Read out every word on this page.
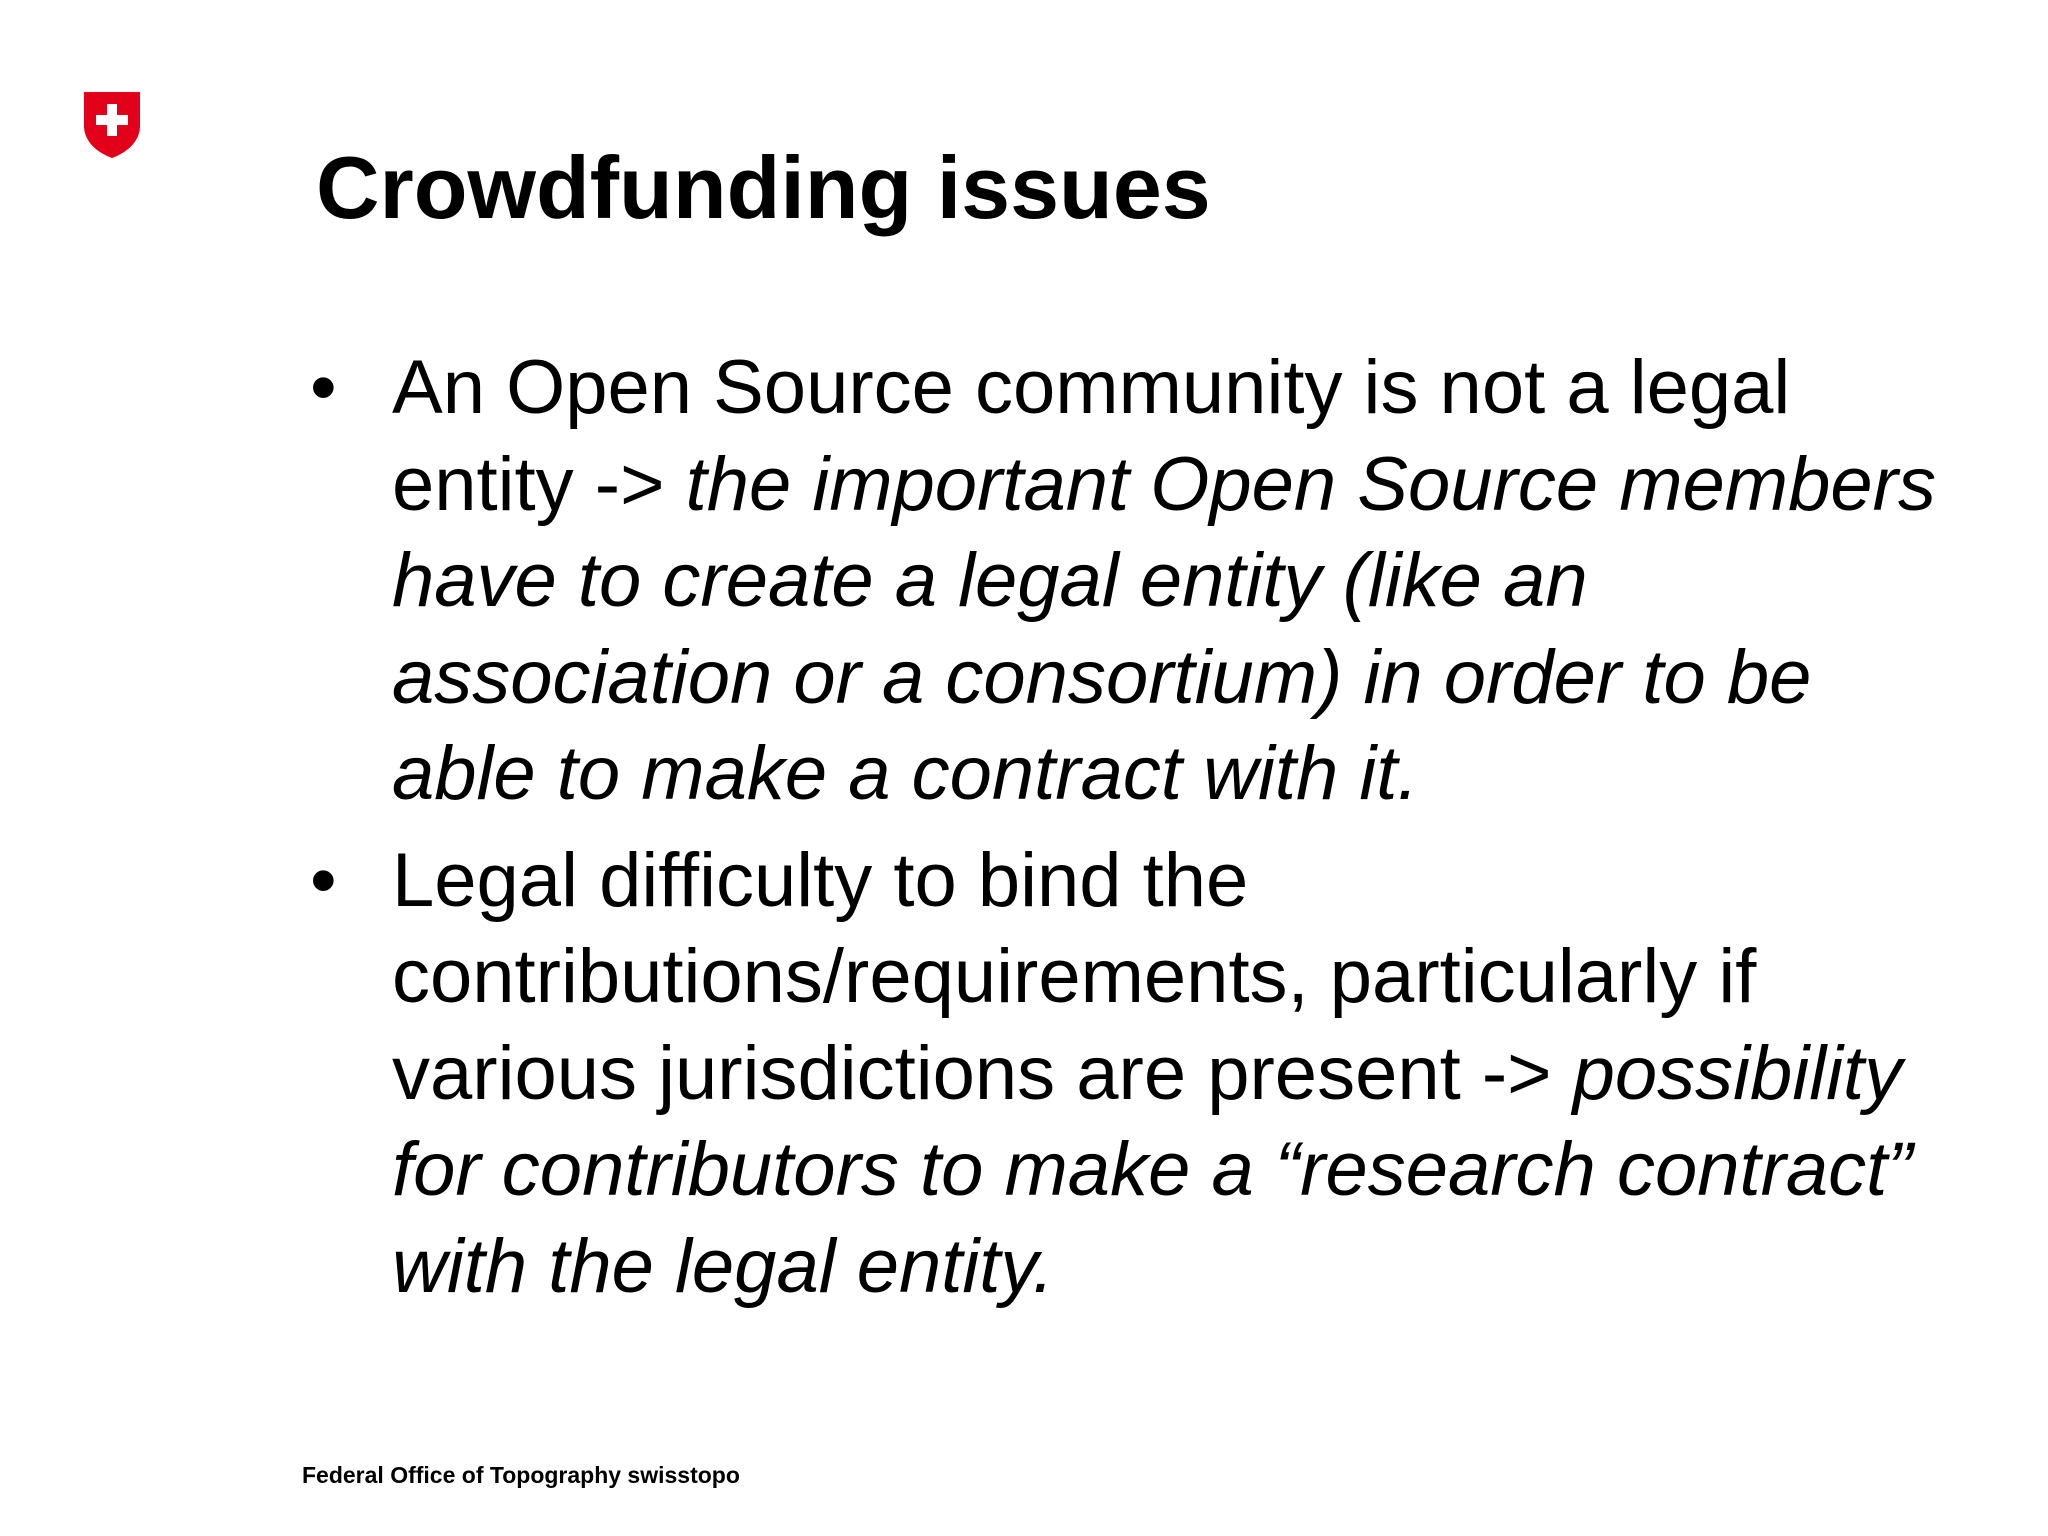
Crowdfunding issues
• An Open Source community is not a legal entity -> the important Open Source members have to create a legal entity (like an association or a consortium) in order to be able to make a contract with it.
• Legal difficulty to bind the contributions/requirements, particularly if various jurisdictions are present -> possibility for contributors to make a “research contract” with the legal entity.
Federal Office of Topography swisstopo
